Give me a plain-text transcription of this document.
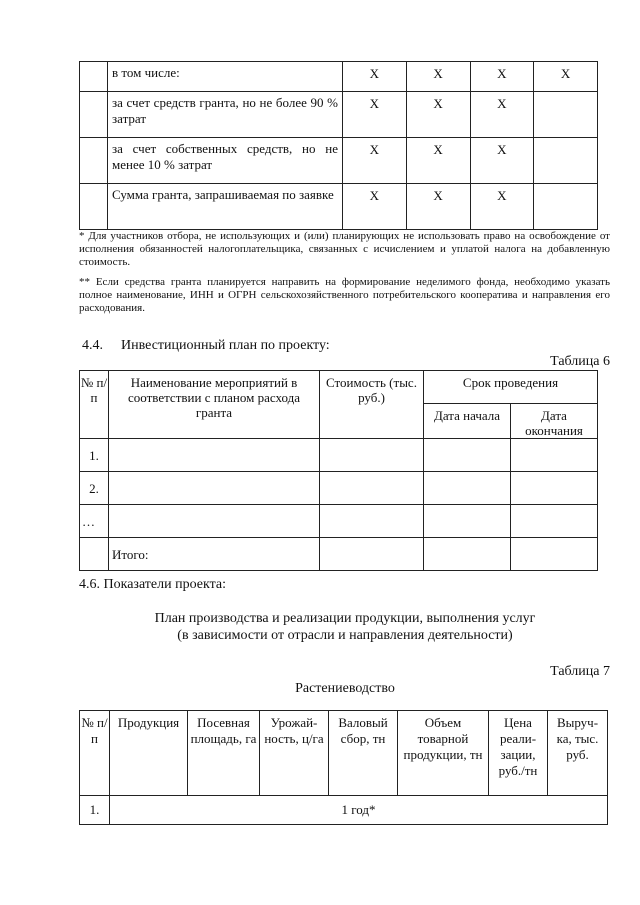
	в том числе:	Х	Х	Х	Х
	за счет средств гранта, но не более 90 % затрат	Х	Х	Х	
	за счет собственных средств, но не менее 10 % затрат	Х	Х	Х	
	Сумма гранта, запрашиваемая по заявке	Х	Х	Х	
* Для участников отбора, не использующих и (или) планирующих не использовать право на освобождение от исполнения обязанностей налогоплательщика, связанных с исчислением и уплатой налога на добавленную стоимость.
** Если средства гранта планируется направить на формирование неделимого фонда, необходимо указать полное наименование, ИНН и ОГРН сельскохозяйственного потребительского кооператива и направления его расходования.
4.4. Инвестиционный план по проекту:
Таблица 6
№ п/п	Наименование мероприятий в соответствии с планом расхода гранта	Стоимость (тыс. руб.)	Срок проведения	
			Дата начала	Дата окончания
1.				
2.				
…				
	Итого:			
4.6. Показатели проекта:
План производства и реализации продукции, выполнения услуг
(в зависимости от отрасли и направления деятельности)
Таблица 7
Растениеводство
№ п/п	Продукция	Посевная площадь, га	Урожай-ность, ц/га	Валовый сбор, тн	Объем товарной продукции, тн	Цена реали-зации, руб./тн	Выруч-ка, тыс. руб.
1.	1 год*						
